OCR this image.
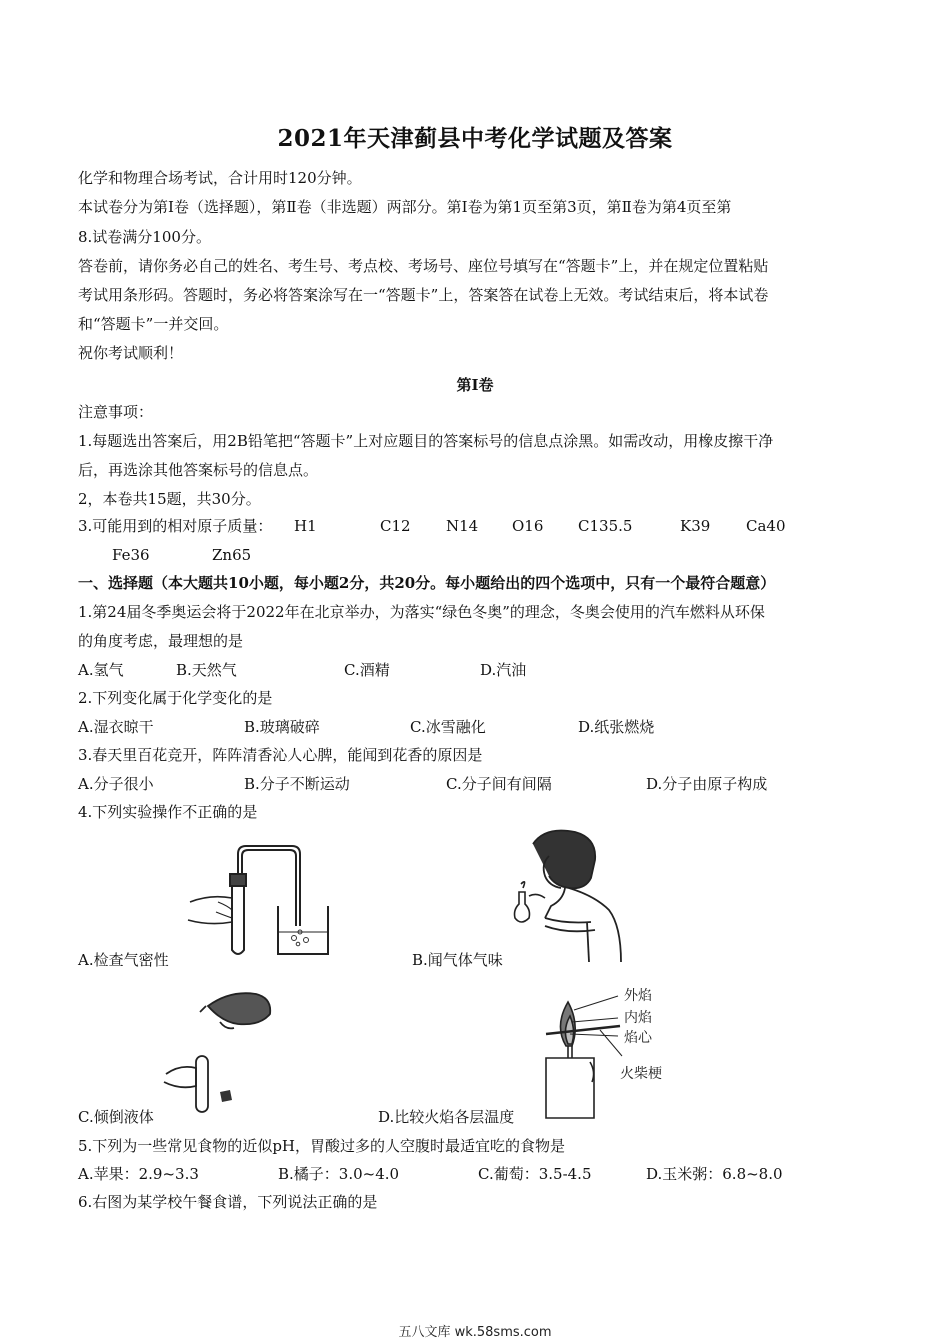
2021年天津蓟县中考化学试题及答案
化学和物理合场考试，合计用时120分钟。
本试卷分为第Ⅰ卷（选择题），第Ⅱ卷（非选题）两部分。第Ⅰ卷为第1页至第3页，第Ⅱ卷为第4页至第
8.试卷满分100分。
答卷前，请你务必自己的姓名、考生号、考点校、考场号、座位号填写在“答题卡”上，并在规定位置粘贴
考试用条形码。答题时，务必将答案涂写在一“答题卡”上，答案答在试卷上无效。考试结束后，将本试卷
和“答题卡”一并交回。
祝你考试顺利！
第Ⅰ卷
注意事项：
1.每题选出答案后，用2B铅笔把“答题卡”上对应题目的答案标号的信息点涂黑。如需改动，用橡皮擦干净
后，再选涂其他答案标号的信息点。
2，本卷共15题，共30分。
3.可能用到的相对原子质量： H1	C12 N14 O16 C135.5	K39 Ca40
Fe36	Zn65
一、选择题（本大题共10小题，每小题2分，共20分。每小题给出的四个选项中，只有一个最符合题意）
1.第24届冬季奥运会将于2022年在北京举办，为落实“绿色冬奥”的理念，冬奥会使用的汽车燃料从环保
的角度考虑，最理想的是
A.氢气	B.天然气	C.酒精	D.汽油
2.下列变化属于化学变化的是
A.湿衣晾干	B.玻璃破碎	C.冰雪融化	D.纸张燃烧
3.春天里百花竞开，阵阵清香沁人心脾，能闻到花香的原因是
A.分子很小	B.分子不断运动	C.分子间有间隔	D.分子由原子构成
4.下列实验操作不正确的是
A.检查气密性	B.闻气体气味
外焰
内焰
焰心
火柴梗
C.倾倒液体	D.比较火焰各层温度
5.下列为一些常见食物的近似pH，胃酸过多的人空腹时最适宜吃的食物是
A.苹果：2.9~3.3	B.橘子：3.0~4.0	C.葡萄：3.5-4.5	D.玉米粥：6.8~8.0
6.右图为某学校午餐食谱，下列说法正确的是
五八文库 wk.58sms.com
